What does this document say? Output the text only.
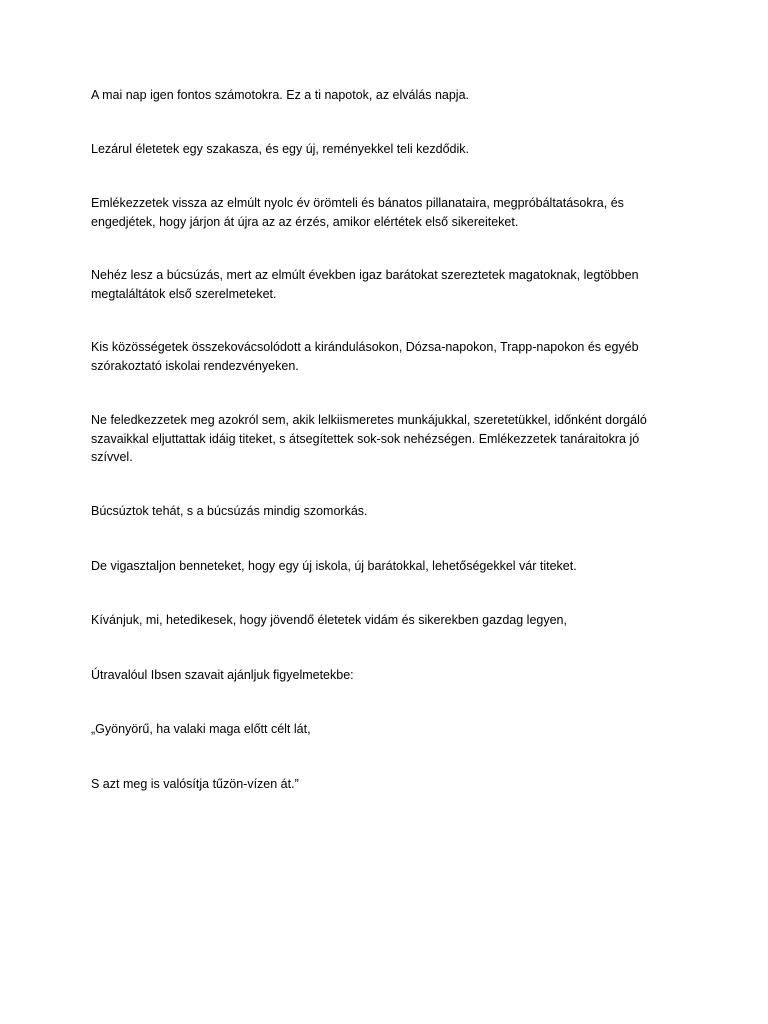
A mai nap igen fontos számotokra. Ez a ti napotok, az elválás napja.

Lezárul életetek egy szakasza, és egy új, reményekkel teli kezdődik.

Emlékezzetek vissza az elmúlt nyolc év örömteli és bánatos pillanataira, megpróbáltatásokra, és engedjétek, hogy járjon át újra az az érzés, amikor elértétek első sikereiteket.

Nehéz lesz a búcsúzás, mert az elmúlt években igaz barátokat szereztetek magatoknak, legtöbben megtaláltátok első szerelmeteket.

Kis közösségetek összekovácsolódott a kirándulásokon, Dózsa-napokon, Trapp-napokon és egyéb szórakoztató iskolai rendezvényeken.

Ne feledkezzetek meg azokról sem, akik lelkiismeretes munkájukkal, szeretetükkel, időnként dorgáló szavaikkal eljuttattak idáig titeket, s átsegítettek sok-sok nehézségen. Emlékezzetek tanáraitokra jó szívvel.

Búcsúztok tehát, s a búcsúzás mindig szomorkás.

De vigasztaljon benneteket, hogy egy új iskola, új barátokkal, lehetőségekkel vár titeket.

Kívánjuk, mi, hetedikesek, hogy jövendő életetek vidám és sikerekben gazdag legyen,

Útravalóul Ibsen szavait ajánljuk figyelmetekbe:

„Gyönyörű, ha valaki maga előtt célt lát,

S azt meg is valósítja tűzön-vízen át.”
